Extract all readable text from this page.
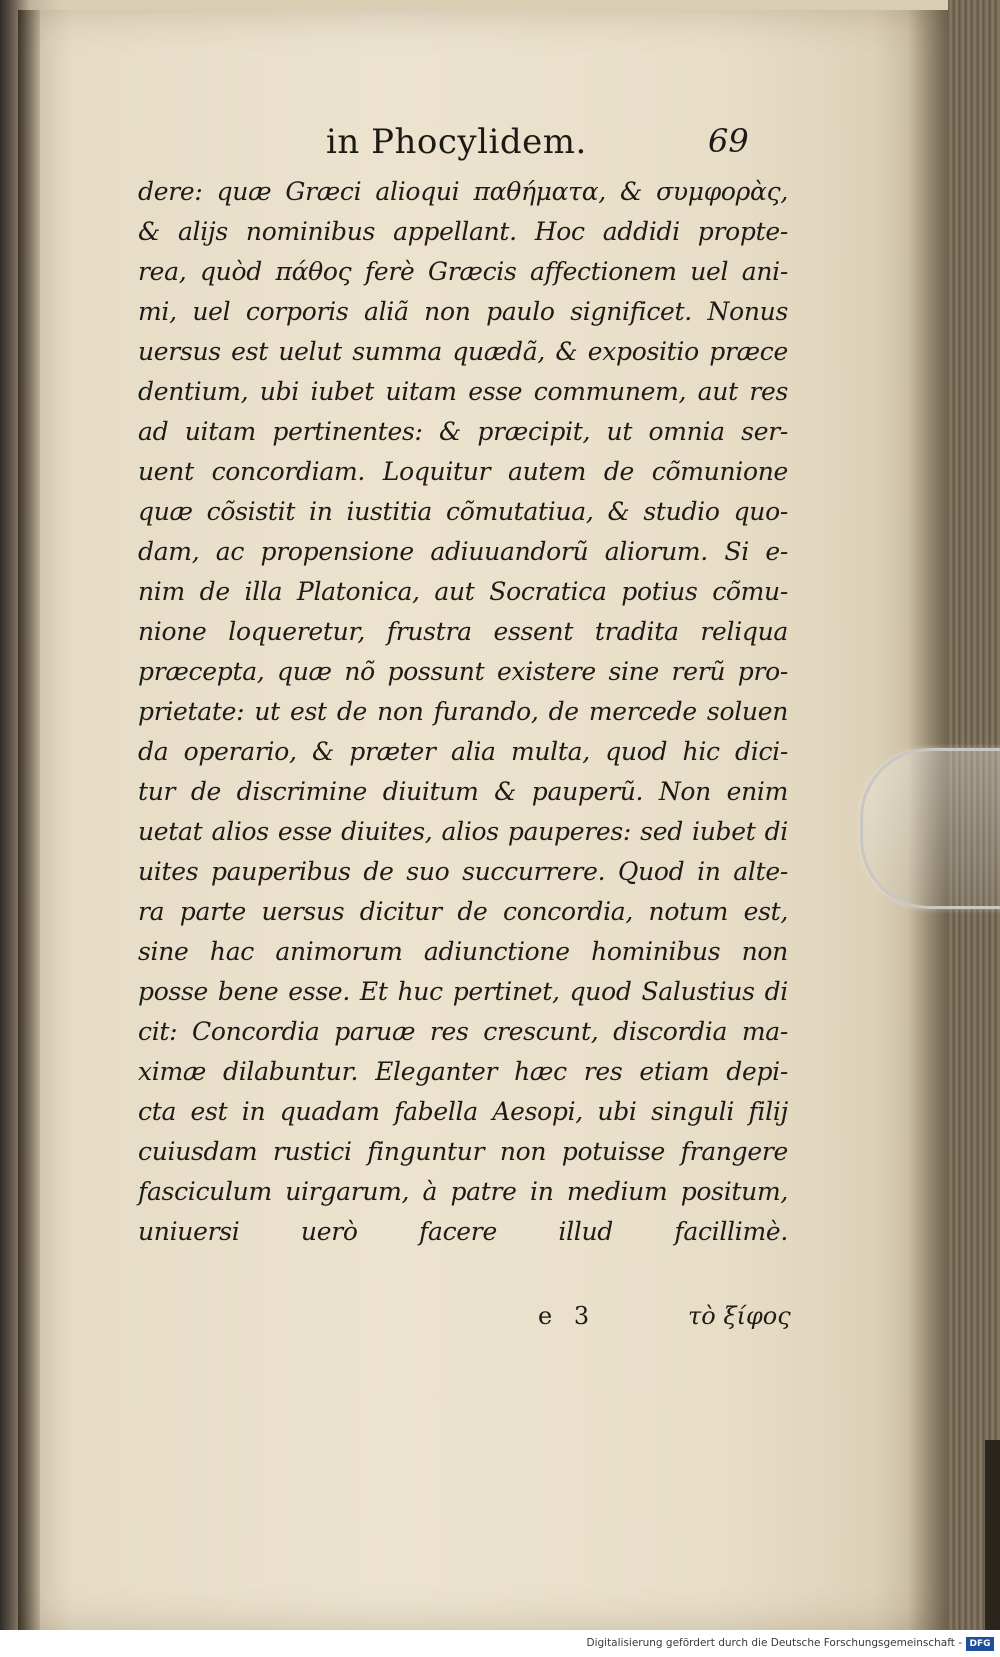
in Phocylidem.	69
dere: quæ Græci alioqui παθήματα, & συμφορὰς,
& alijs nominibus appellant. Hoc addidi propte-
rea, quòd πάθος ferè Græcis affectionem uel ani-
mi, uel corporis aliã non paulo significet. Nonus
uersus est uelut summa quædã, & expositio præce
dentium, ubi iubet uitam esse communem, aut res
ad uitam pertinentes: & præcipit, ut omnia ser-
uent concordiam. Loquitur autem de cõmunione
quæ cõsistit in iustitia cõmutatiua, & studio quo-
dam, ac propensione adiuuandorũ aliorum. Si e-
nim de illa Platonica, aut Socratica potius cõmu-
nione loqueretur, frustra essent tradita reliqua
præcepta, quæ nõ possunt existere sine rerũ pro-
prietate: ut est de non furando, de mercede soluen
da operario, & præter alia multa, quod hic dici-
tur de discrimine diuitum & pauperũ. Non enim
uetat alios esse diuites, alios pauperes: sed iubet di
uites pauperibus de suo succurrere. Quod in alte-
ra parte uersus dicitur de concordia, notum est,
sine hac animorum adiunctione hominibus non
posse bene esse. Et huc pertinet, quod Salustius di
cit: Concordia paruæ res crescunt, discordia ma-
ximæ dilabuntur. Eleganter hæc res etiam depi-
cta est in quadam fabella Aesopi, ubi singuli filij
cuiusdam rustici finguntur non potuisse frangere
fasciculum uirgarum, à patre in medium positum,
uniuersi uerò facere illud facillimè.
e 3	τὸ ξίφος
Digitalisierung gefördert durch die Deutsche Forschungsgemeinschaft - DFG
